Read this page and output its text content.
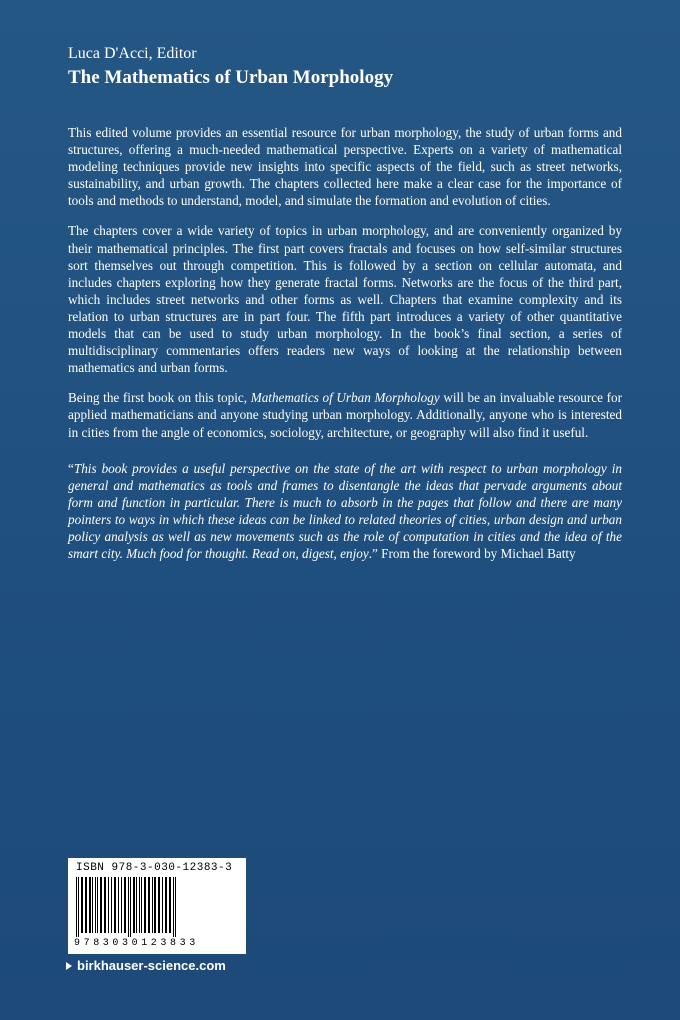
Luca D'Acci, Editor

The Mathematics of Urban Morphology

This edited volume provides an essential resource for urban morphology, the study of urban forms and structures, offering a much-needed mathematical perspective. Experts on a variety of mathematical modeling techniques provide new insights into specific aspects of the field, such as street networks, sustainability, and urban growth. The chapters collected here make a clear case for the importance of tools and methods to understand, model, and simulate the formation and evolution of cities.

The chapters cover a wide variety of topics in urban morphology, and are conveniently organized by their mathematical principles. The first part covers fractals and focuses on how self-similar structures sort themselves out through competition. This is followed by a section on cellular automata, and includes chapters exploring how they generate fractal forms. Networks are the focus of the third part, which includes street networks and other forms as well. Chapters that examine complexity and its relation to urban structures are in part four. The fifth part introduces a variety of other quantitative models that can be used to study urban morphology. In the book’s final section, a series of multidisciplinary commentaries offers readers new ways of looking at the relationship between mathematics and urban forms.

Being the first book on this topic, Mathematics of Urban Morphology will be an invaluable resource for applied mathematicians and anyone studying urban morphology. Additionally, anyone who is interested in cities from the angle of economics, sociology, architecture, or geography will also find it useful.

“This book provides a useful perspective on the state of the art with respect to urban morphology in general and mathematics as tools and frames to disentangle the ideas that pervade arguments about form and function in particular. There is much to absorb in the pages that follow and there are many pointers to ways in which these ideas can be linked to related theories of cities, urban design and urban policy analysis as well as new movements such as the role of computation in cities and the idea of the smart city. Much food for thought. Read on, digest, enjoy.” From the foreword by Michael Batty

ISBN 978-3-030-12383-3
9783030123833
birkhauser-science.com
